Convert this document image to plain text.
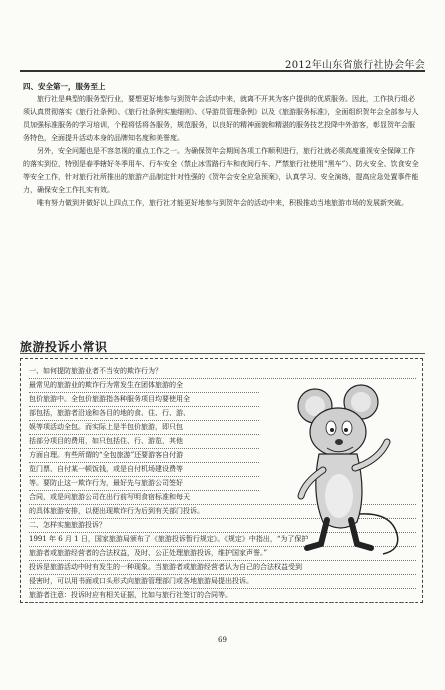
2012年山东省旅行社协会年会

四、安全第一，服务至上

旅行社是典型的服务型行业，要想更好地参与到贺年会活动中来，就离不开其为客户提供的优质服务。因此，工作执行组必须认真贯彻落实《旅行社条例》、《旅行社条例实施细则》、《导游员管理条例》以及《旅游服务标准》，全面组织贺年会全部参与人员加强标准服务的学习培训，个程将恬将各服务，规范服务，以良好的精神面貌和精湛的服务技艺投降中外游客，彰显贺年会服务特色，全面提升活动本身的品牌知名度和美誉度。

另外，安全问题也是不容忽视的重点工作之一。为确保贺年会期间各项工作顺利进行，旅行社就必须高度重视安全保障工作的落实到位，特别是春季辖好冬季用车、行车安全（禁止冰雪路行车和夜间行车、严禁旅行社使用“黑车”）、防火安全、饮食安全等安全工作，针对旅行社所推出的旅游产品制定针对性强的《贺年会安全应急预案》，认真学习、安全演练，提高应急处置事件能力，确保安全工作扎实有效。

唯有努力做到并做好以上四点工作，旅行社才能更好地参与到贺年会的活动中来，积极推动当地旅游市场的发展新突破。

旅游投诉小常识

一、如何提防旅游业者不当安的欺诈行为？

最常见的旅游业的欺诈行为常发生在团体旅游的全

包价旅游中。全包价旅游指各种服务项目均要使用全

部包括，旅游者沿途和各目的地的食、住、行、游、

娱等项活动全包。而实际上是半包价旅游，即只包

括部分项目的费用，如只包括住、行、游览，其他

方面自理。有些所谓的“全包旅游”还要游客自付游

览门票、自付某一顿饭钱，或是自付机场建设费等

等。要防止这一欺诈行为，最好先与旅游公司签好

合同，或是问旅游公司在出行前写明食宿标准和每天

的具体旅游安排，以便出现欺诈行为后到有关部门投诉。

二、怎样实施旅游投诉？

1991 年 6 月 1 日，国家旅游局颁布了《旅游投诉暂行规定》。《规定》中指出，“为了保护

旅游者或旅游经营者的合法权益，及时、公正处理旅游投诉，维护国家声誉。”

投诉是旅游活动中时有发生的一种现象。当旅游者或旅游经营者认为自己的合法权益受到

侵害时，可以用书面或口头形式向旅游管理部门或各地旅游局提出投诉。

旅游者注意：投诉时应有相关证据，比如与旅行社签订的合同等。

69
